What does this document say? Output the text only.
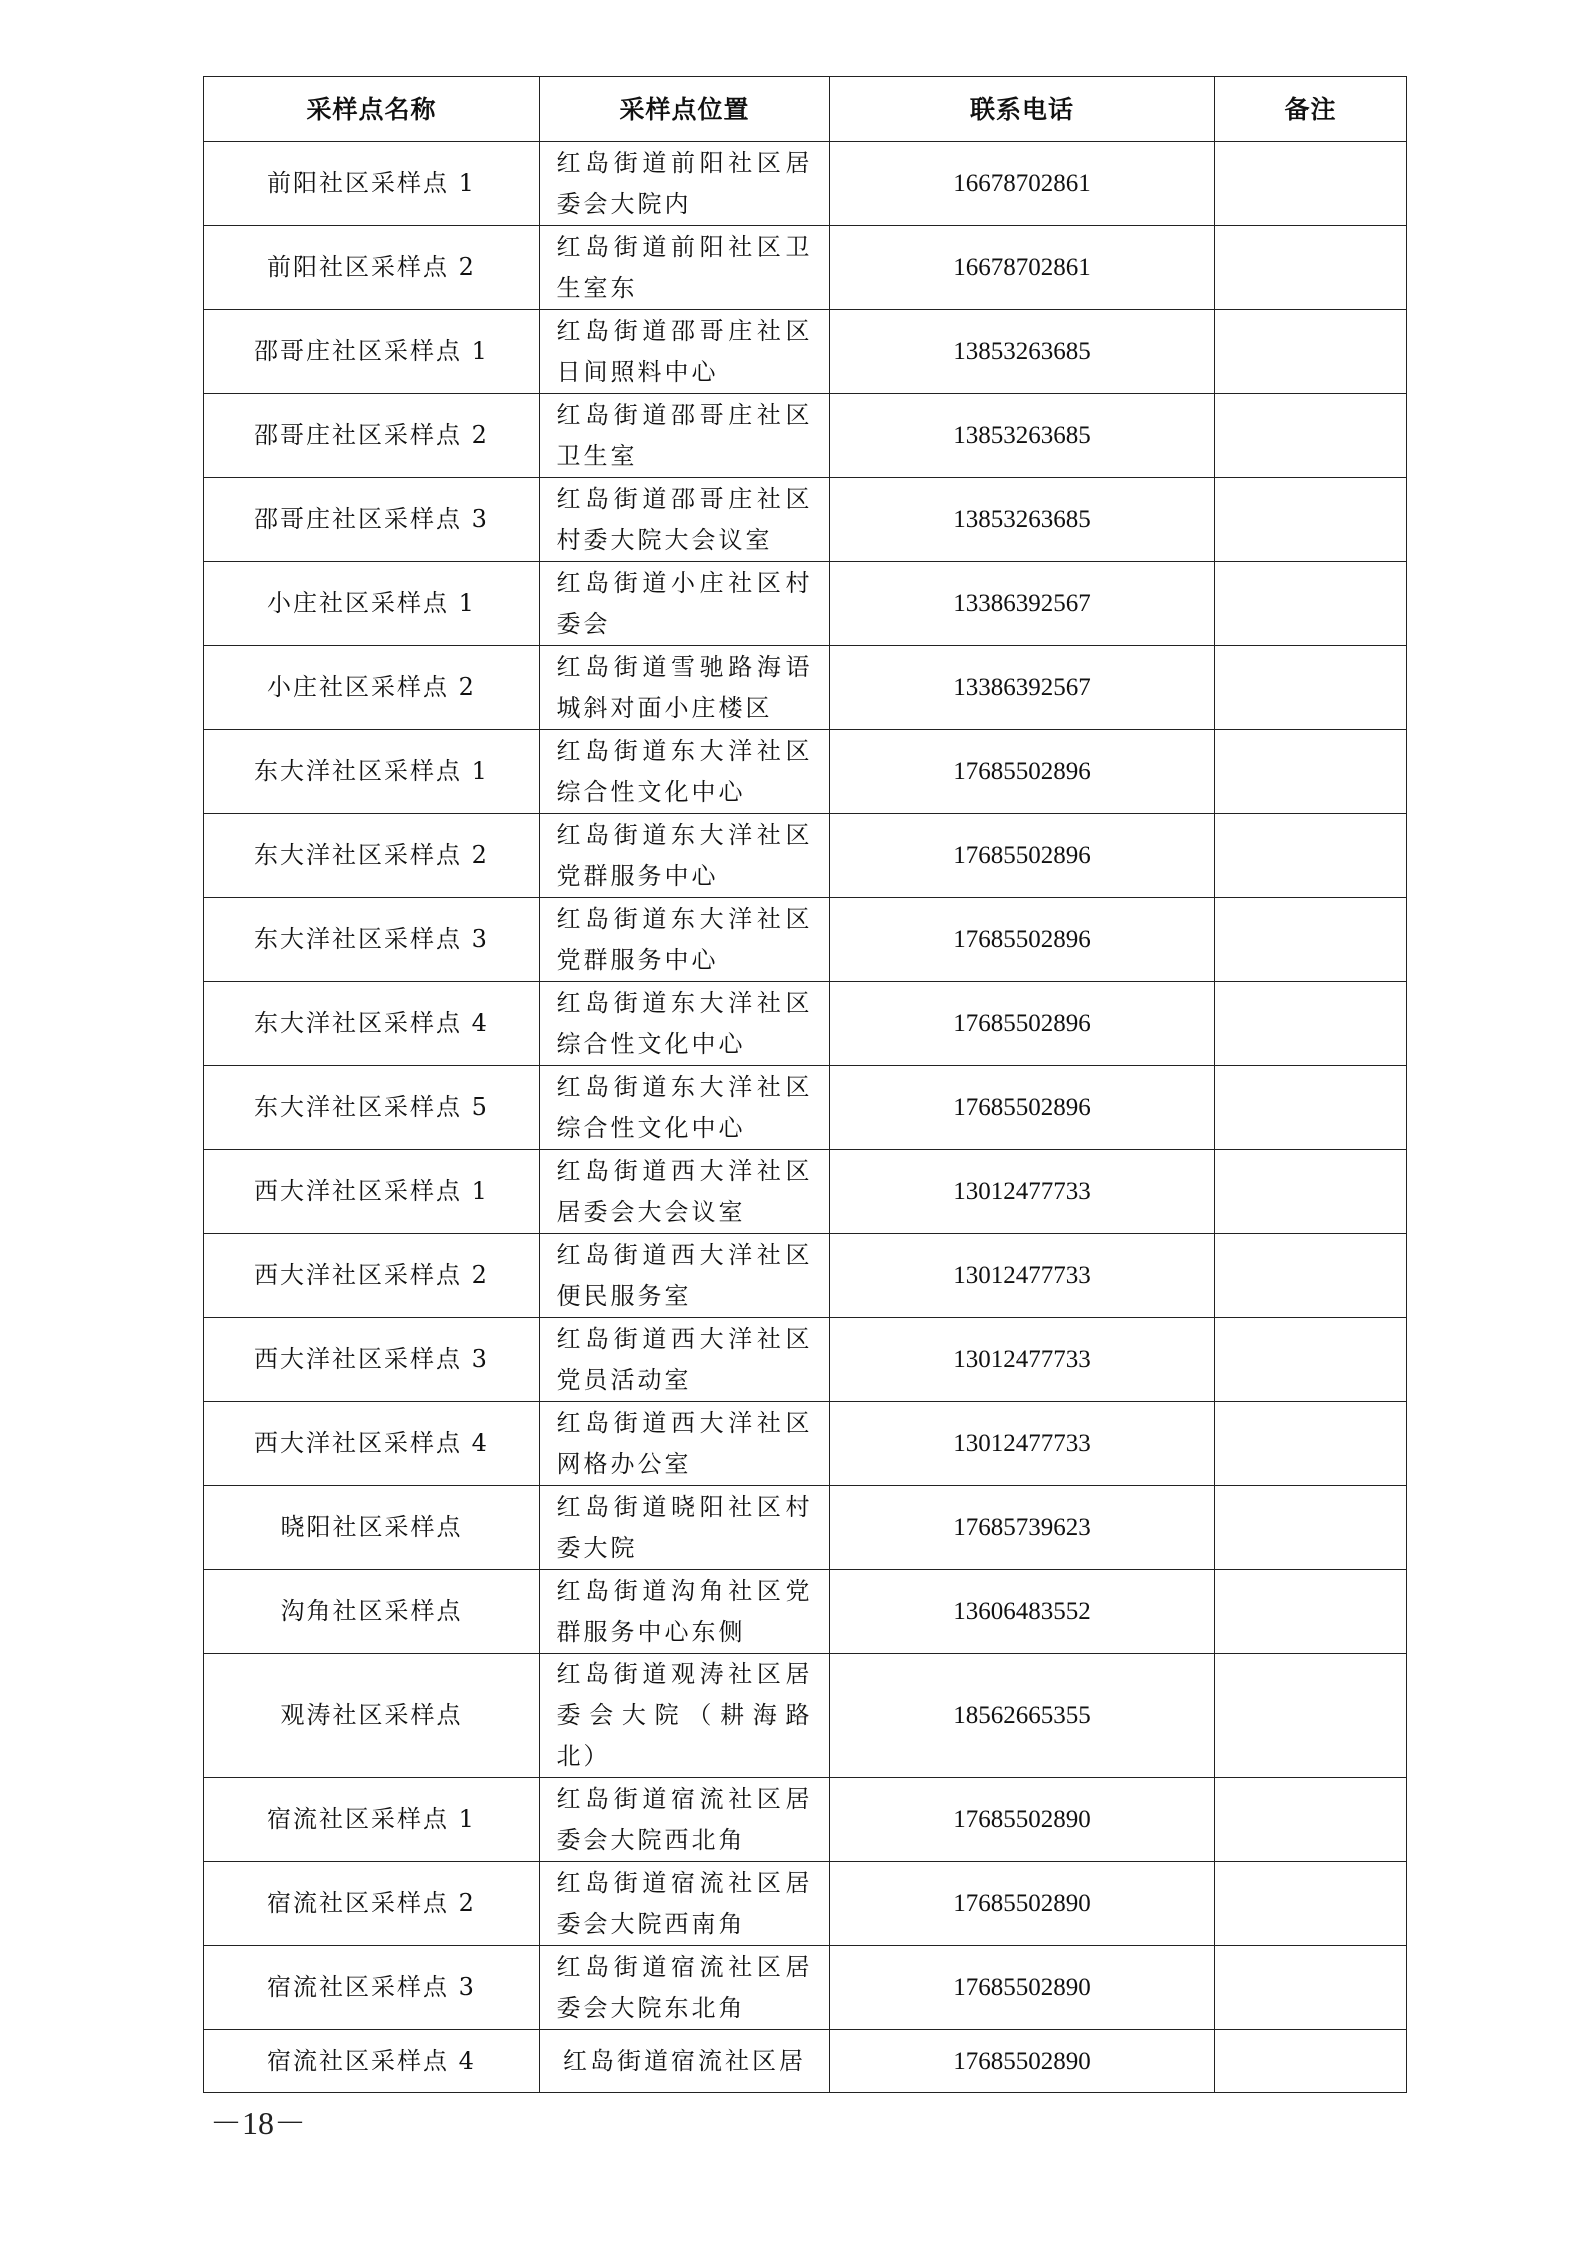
采样点名称	采样点位置	联系电话	备注
前阳社区采样点 1	红岛街道前阳社区居委会大院内	16678702861	
前阳社区采样点 2	红岛街道前阳社区卫生室东	16678702861	
邵哥庄社区采样点 1	红岛街道邵哥庄社区日间照料中心	13853263685	
邵哥庄社区采样点 2	红岛街道邵哥庄社区卫生室	13853263685	
邵哥庄社区采样点 3	红岛街道邵哥庄社区村委大院大会议室	13853263685	
小庄社区采样点 1	红岛街道小庄社区村委会	13386392567	
小庄社区采样点 2	红岛街道雪驰路海语城斜对面小庄楼区	13386392567	
东大洋社区采样点 1	红岛街道东大洋社区综合性文化中心	17685502896	
东大洋社区采样点 2	红岛街道东大洋社区党群服务中心	17685502896	
东大洋社区采样点 3	红岛街道东大洋社区党群服务中心	17685502896	
东大洋社区采样点 4	红岛街道东大洋社区综合性文化中心	17685502896	
东大洋社区采样点 5	红岛街道东大洋社区综合性文化中心	17685502896	
西大洋社区采样点 1	红岛街道西大洋社区居委会大会议室	13012477733	
西大洋社区采样点 2	红岛街道西大洋社区便民服务室	13012477733	
西大洋社区采样点 3	红岛街道西大洋社区党员活动室	13012477733	
西大洋社区采样点 4	红岛街道西大洋社区网格办公室	13012477733	
晓阳社区采样点	红岛街道晓阳社区村委大院	17685739623	
沟角社区采样点	红岛街道沟角社区党群服务中心东侧	13606483552	
观涛社区采样点	红岛街道观涛社区居委会大院（耕海路北）	18562665355	
宿流社区采样点 1	红岛街道宿流社区居委会大院西北角	17685502890	
宿流社区采样点 2	红岛街道宿流社区居委会大院西南角	17685502890	
宿流社区采样点 3	红岛街道宿流社区居委会大院东北角	17685502890	
宿流社区采样点 4	红岛街道宿流社区居	17685502890	
－18－
